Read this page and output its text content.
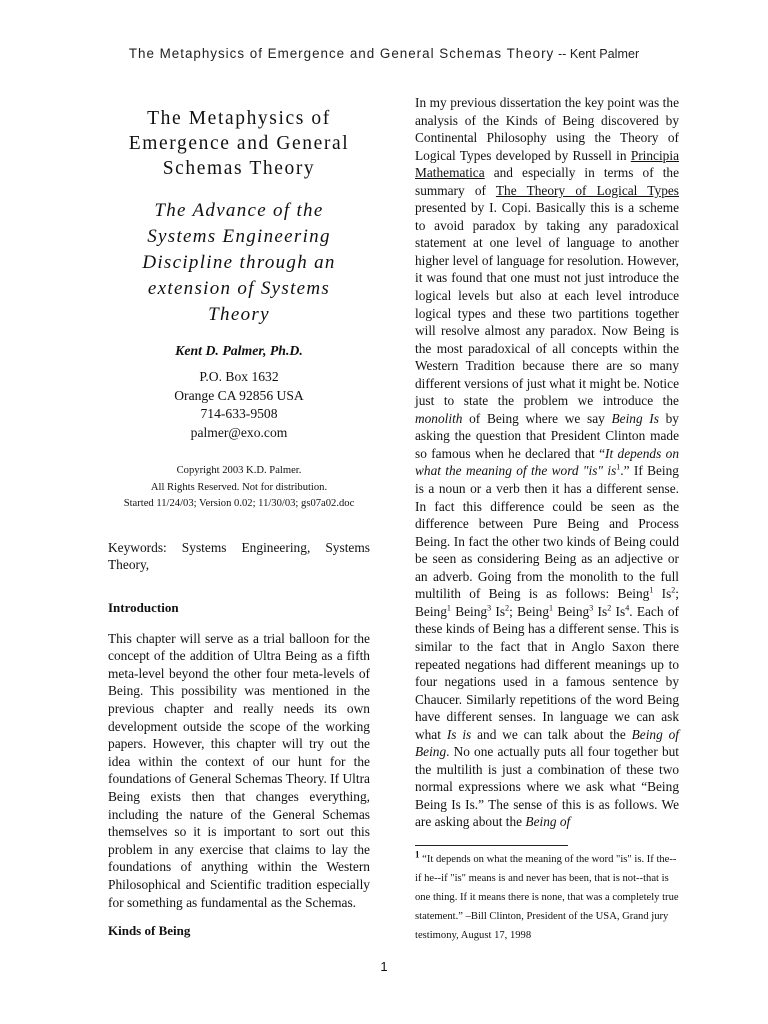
The Metaphysics of Emergence and General Schemas Theory -- Kent Palmer
The Metaphysics of
Emergence and General
Schemas Theory
The Advance of the
Systems Engineering
Discipline through an
extension of Systems
Theory
Kent D. Palmer, Ph.D.
P.O. Box 1632
Orange CA 92856 USA
714-633-9508
palmer@exo.com
Copyright 2003 K.D. Palmer.
All Rights Reserved. Not for distribution.
Started 11/24/03; Version 0.02; 11/30/03; gs07a02.doc
Keywords: Systems Engineering, Systems Theory,
Introduction
This chapter will serve as a trial balloon for the concept of the addition of Ultra Being as a fifth meta-level beyond the other four meta-levels of Being. This possibility was mentioned in the previous chapter and really needs its own development outside the scope of the working papers. However, this chapter will try out the idea within the context of our hunt for the foundations of General Schemas Theory. If Ultra Being exists then that changes everything, including the nature of the General Schemas themselves so it is important to sort out this problem in any exercise that claims to lay the foundations of anything within the Western Philosophical and Scientific tradition especially for something as fundamental as the Schemas.
Kinds of Being
In my previous dissertation the key point was the analysis of the Kinds of Being discovered by Continental Philosophy using the Theory of Logical Types developed by Russell in Principia Mathematica and especially in terms of the summary of The Theory of Logical Types presented by I. Copi. Basically this is a scheme to avoid paradox by taking any paradoxical statement at one level of language to another higher level of language for resolution. However, it was found that one must not just introduce the logical levels but also at each level introduce logical types and these two partitions together will resolve almost any paradox. Now Being is the most paradoxical of all concepts within the Western Tradition because there are so many different versions of just what it might be. Notice just to state the problem we introduce the monolith of Being where we say Being Is by asking the question that President Clinton made so famous when he declared that “It depends on what the meaning of the word "is" $is^1$.” If Being is a noun or a verb then it has a different sense. In fact this difference could be seen as the difference between Pure Being and Process Being. In fact the other two kinds of Being could be seen as considering Being as an adjective or an adverb. Going from the monolith to the full multilith of Being is as follows: Being$^1$ Is$^2$; Being$^1$ Being$^3$ Is$^2$; Being$^1$ Being$^3$ Is$^2$ Is$^4$. Each of these kinds of Being has a different sense. This is similar to the fact that in Anglo Saxon there repeated negations had different meanings up to four negations used in a famous sentence by Chaucer. Similarly repetitions of the word Being have different senses. In language we can ask what Is is and we can talk about the Being of Being. No one actually puts all four together but the multilith is just a combination of these two normal expressions where we ask what “Being Being Is Is.” The sense of this is as follows. We are asking about the Being of
$^1$ “It depends on what the meaning of the word "is" is. If the--if he--if "is" means is and never has been, that is not--that is one thing. If it means there is none, that was a completely true statement.” –Bill Clinton, President of the USA, Grand jury testimony, August 17, 1998
1
